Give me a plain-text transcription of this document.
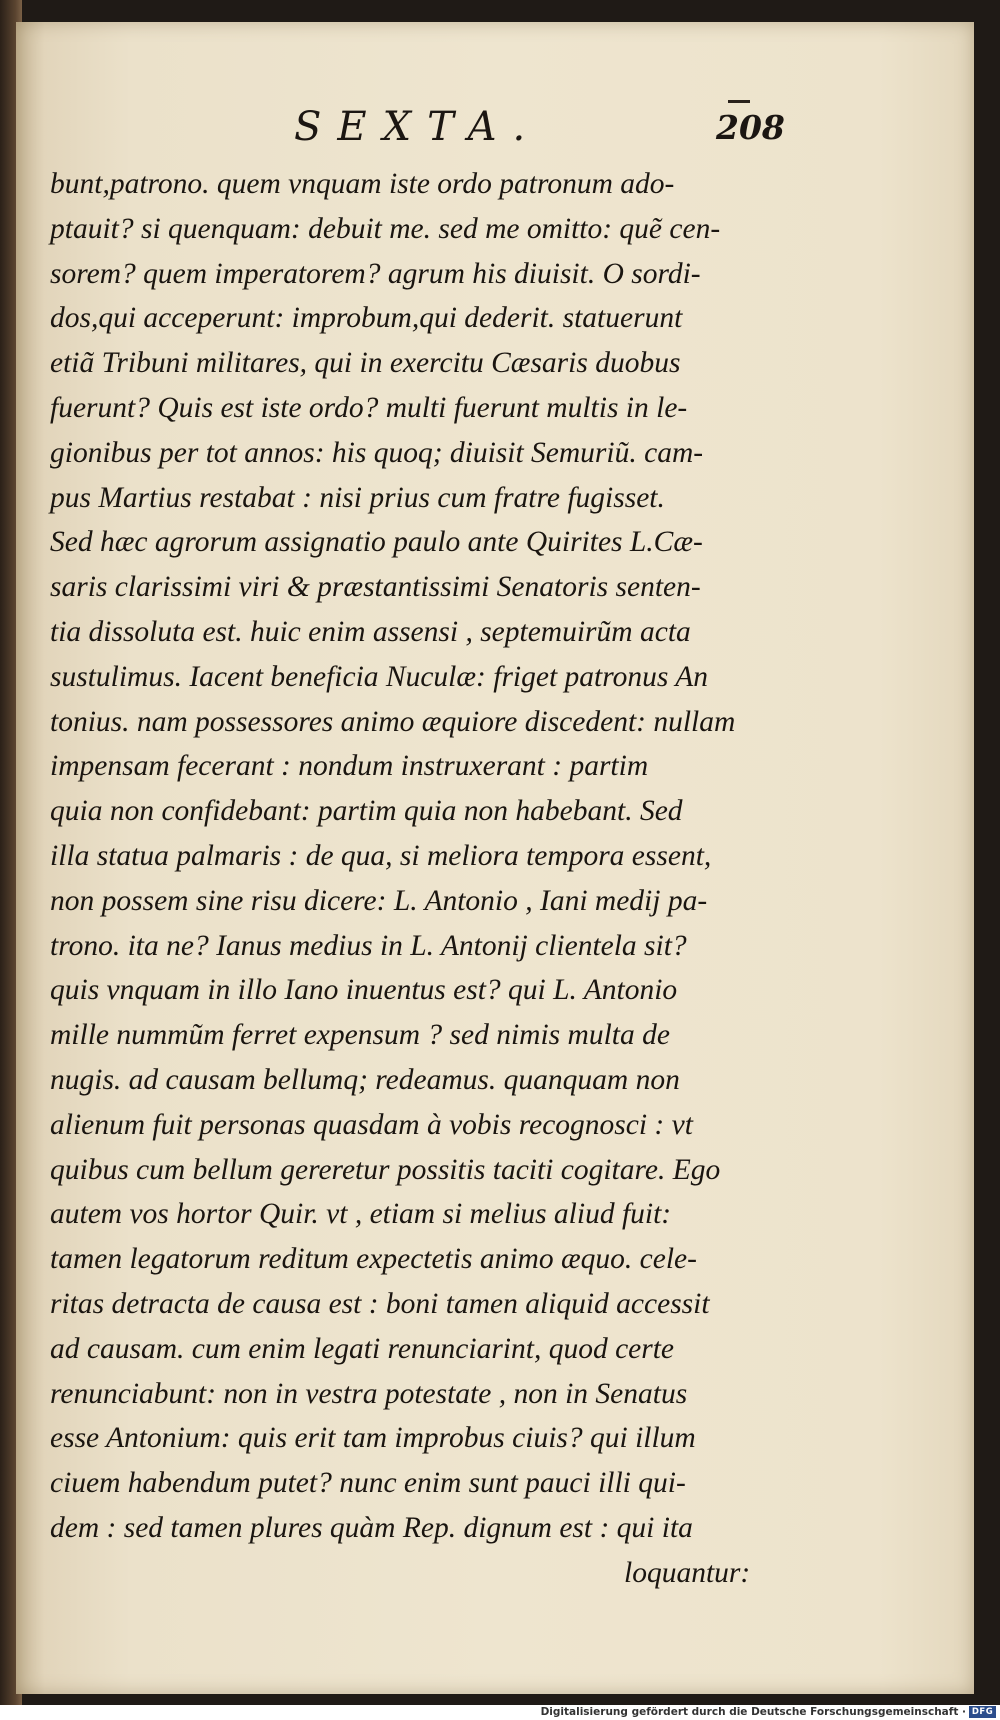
SEXTA.	208
bunt,patrono. quem vnquam iste ordo patronum ado-
ptauit? si quenquam: debuit me. sed me omitto: quẽ cen-
sorem? quem imperatorem? agrum his diuisit. O sordi-
dos,qui acceperunt: improbum,qui dederit. statuerunt
etiã Tribuni militares, qui in exercitu Cæsaris duobus
fuerunt? Quis est iste ordo? multi fuerunt multis in le-
gionibus per tot annos: his quoq; diuisit Semuriũ. cam-
pus Martius restabat : nisi prius cum fratre fugisset.
Sed hæc agrorum assignatio paulo ante Quirites L.Cæ-
saris clarissimi viri & præstantissimi Senatoris senten-
tia dissoluta est. huic enim assensi , septemuirũm acta
sustulimus. Iacent beneficia Nuculæ: friget patronus An
tonius. nam possessores animo æquiore discedent: nullam
impensam fecerant : nondum instruxerant : partim
quia non confidebant: partim quia non habebant. Sed
illa statua palmaris : de qua, si meliora tempora essent,
non possem sine risu dicere: L. Antonio , Iani medij pa-
trono. ita ne? Ianus medius in L. Antonij clientela sit?
quis vnquam in illo Iano inuentus est? qui L. Antonio
mille nummũm ferret expensum ? sed nimis multa de
nugis. ad causam bellumq; redeamus. quanquam non
alienum fuit personas quasdam à vobis recognosci : vt
quibus cum bellum gereretur possitis taciti cogitare. Ego
autem vos hortor Quir. vt , etiam si melius aliud fuit:
tamen legatorum reditum expectetis animo æquo. cele-
ritas detracta de causa est : boni tamen aliquid accessit
ad causam. cum enim legati renunciarint, quod certe
renunciabunt: non in vestra potestate , non in Senatus
esse Antonium: quis erit tam improbus ciuis? qui illum
ciuem habendum putet? nunc enim sunt pauci illi qui-
dem : sed tamen plures quàm Rep. dignum est : qui ita
loquantur:
Digitalisierung gefördert durch die Deutsche Forschungsgemeinschaft · DFG
